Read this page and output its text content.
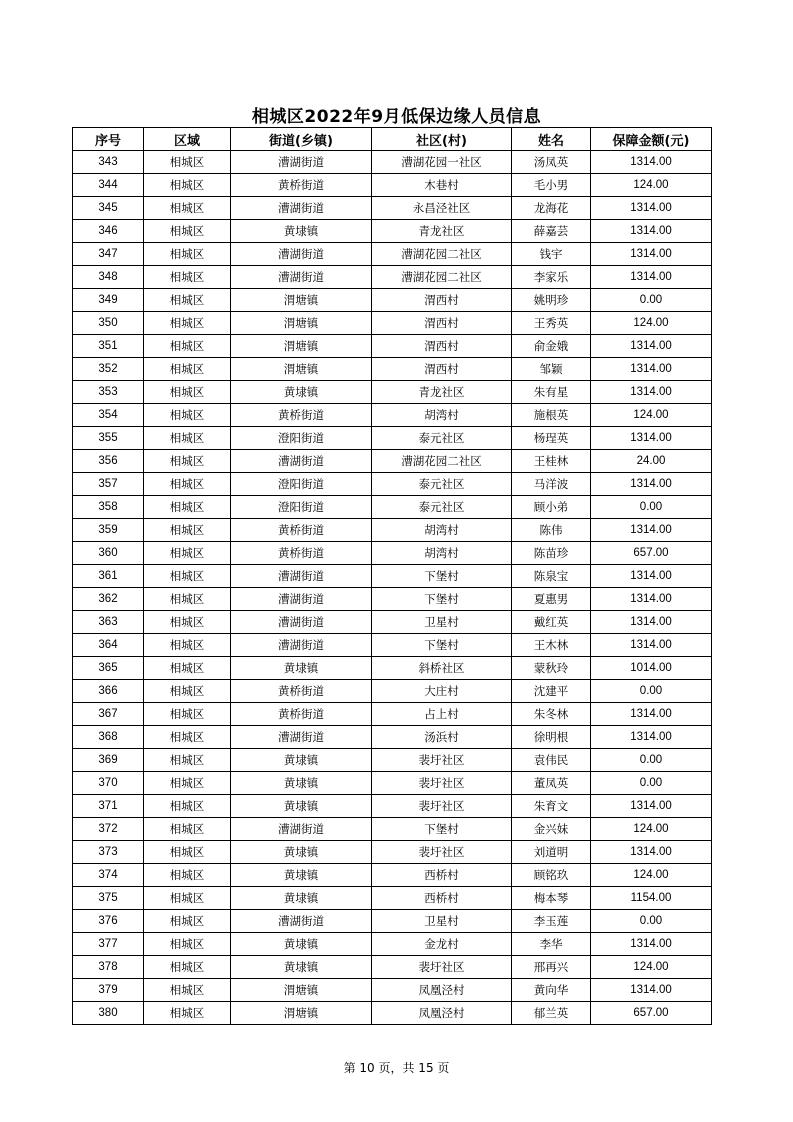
相城区2022年9月低保边缘人员信息
序号	区域	街道(乡镇)	社区(村)	姓名	保障金额(元)
343	相城区	漕湖街道	漕湖花园一社区	汤凤英	1314.00
344	相城区	黄桥街道	木巷村	毛小男	124.00
345	相城区	漕湖街道	永昌泾社区	龙海花	1314.00
346	相城区	黄埭镇	青龙社区	薛嘉芸	1314.00
347	相城区	漕湖街道	漕湖花园二社区	钱宇	1314.00
348	相城区	漕湖街道	漕湖花园二社区	李家乐	1314.00
349	相城区	渭塘镇	渭西村	姚明珍	0.00
350	相城区	渭塘镇	渭西村	王秀英	124.00
351	相城区	渭塘镇	渭西村	俞金娥	1314.00
352	相城区	渭塘镇	渭西村	邹颖	1314.00
353	相城区	黄埭镇	青龙社区	朱有星	1314.00
354	相城区	黄桥街道	胡湾村	施根英	124.00
355	相城区	澄阳街道	泰元社区	杨珵英	1314.00
356	相城区	漕湖街道	漕湖花园二社区	王桂林	24.00
357	相城区	澄阳街道	泰元社区	马洋波	1314.00
358	相城区	澄阳街道	泰元社区	顾小弟	0.00
359	相城区	黄桥街道	胡湾村	陈伟	1314.00
360	相城区	黄桥街道	胡湾村	陈苗珍	657.00
361	相城区	漕湖街道	下堡村	陈泉宝	1314.00
362	相城区	漕湖街道	下堡村	夏惠男	1314.00
363	相城区	漕湖街道	卫星村	戴红英	1314.00
364	相城区	漕湖街道	下堡村	王木林	1314.00
365	相城区	黄埭镇	斜桥社区	蒙秋玲	1014.00
366	相城区	黄桥街道	大庄村	沈建平	0.00
367	相城区	黄桥街道	占上村	朱冬林	1314.00
368	相城区	漕湖街道	汤浜村	徐明根	1314.00
369	相城区	黄埭镇	裴圩社区	袁伟民	0.00
370	相城区	黄埭镇	裴圩社区	董凤英	0.00
371	相城区	黄埭镇	裴圩社区	朱育文	1314.00
372	相城区	漕湖街道	下堡村	金兴妹	124.00
373	相城区	黄埭镇	裴圩社区	刘道明	1314.00
374	相城区	黄埭镇	西桥村	顾铭玖	124.00
375	相城区	黄埭镇	西桥村	梅本琴	1154.00
376	相城区	漕湖街道	卫星村	李玉莲	0.00
377	相城区	黄埭镇	金龙村	李华	1314.00
378	相城区	黄埭镇	裴圩社区	邢再兴	124.00
379	相城区	渭塘镇	凤凰泾村	黄向华	1314.00
380	相城区	渭塘镇	凤凰泾村	郁兰英	657.00
第 10 页，共 15 页
